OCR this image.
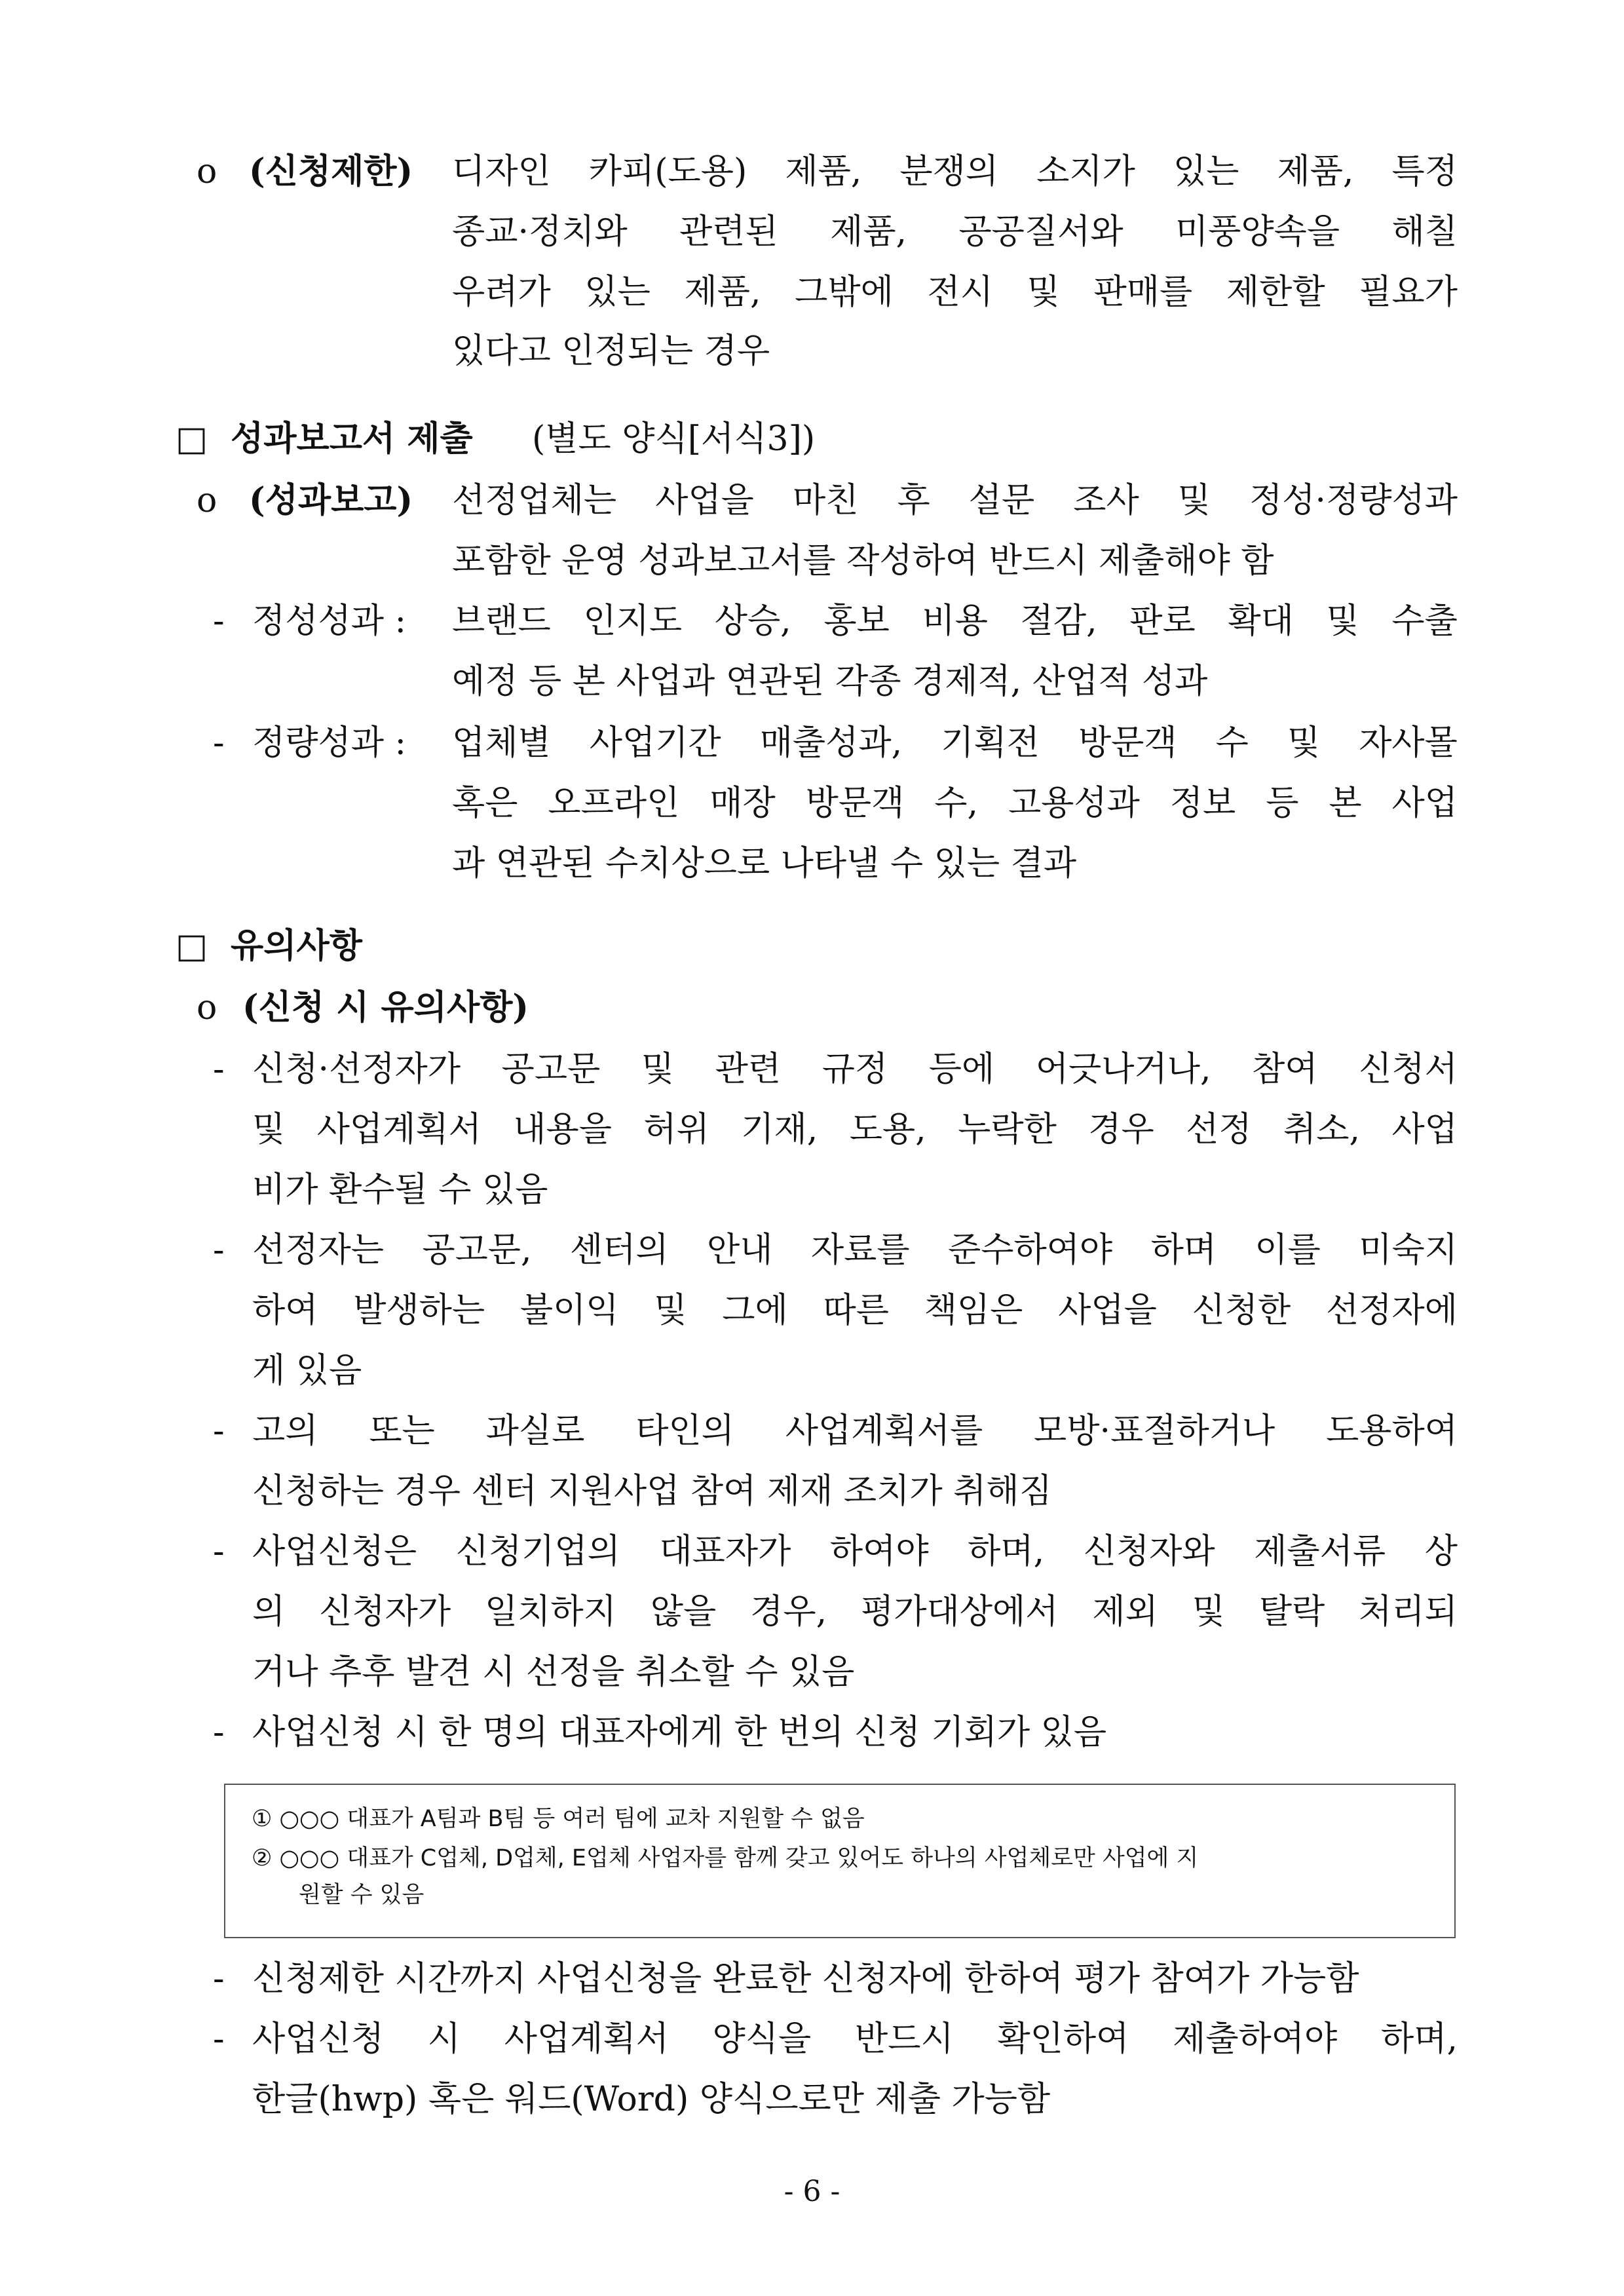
o (신청제한) 디자인 카피(도용) 제품, 분쟁의 소지가 있는 제품, 특정
종교·정치와 관련된 제품, 공공질서와 미풍양속을 해칠
우려가 있는 제품, 그밖에 전시 및 판매를 제한할 필요가
있다고 인정되는 경우
□ 성과보고서 제출 (별도 양식[서식3])
o (성과보고) 선정업체는 사업을 마친 후 설문 조사 및 정성·정량성과
포함한 운영 성과보고서를 작성하여 반드시 제출해야 함
- 정성성과 : 브랜드 인지도 상승, 홍보 비용 절감, 판로 확대 및 수출
예정 등 본 사업과 연관된 각종 경제적, 산업적 성과
- 정량성과 : 업체별 사업기간 매출성과, 기획전 방문객 수 및 자사몰
혹은 오프라인 매장 방문객 수, 고용성과 정보 등 본 사업
과 연관된 수치상으로 나타낼 수 있는 결과
□ 유의사항
o (신청 시 유의사항)
- 신청·선정자가 공고문 및 관련 규정 등에 어긋나거나, 참여 신청서
및 사업계획서 내용을 허위 기재, 도용, 누락한 경우 선정 취소, 사업
비가 환수될 수 있음
- 선정자는 공고문, 센터의 안내 자료를 준수하여야 하며 이를 미숙지
하여 발생하는 불이익 및 그에 따른 책임은 사업을 신청한 선정자에
게 있음
- 고의 또는 과실로 타인의 사업계획서를 모방·표절하거나 도용하여
신청하는 경우 센터 지원사업 참여 제재 조치가 취해짐
- 사업신청은 신청기업의 대표자가 하여야 하며, 신청자와 제출서류 상
의 신청자가 일치하지 않을 경우, 평가대상에서 제외 및 탈락 처리되
거나 추후 발견 시 선정을 취소할 수 있음
- 사업신청 시 한 명의 대표자에게 한 번의 신청 기회가 있음
① ○○○ 대표가 A팀과 B팀 등 여러 팀에 교차 지원할 수 없음
② ○○○ 대표가 C업체, D업체, E업체 사업자를 함께 갖고 있어도 하나의 사업체로만 사업에 지
원할 수 있음
- 신청제한 시간까지 사업신청을 완료한 신청자에 한하여 평가 참여가 가능함
- 사업신청 시 사업계획서 양식을 반드시 확인하여 제출하여야 하며,
한글(hwp) 혹은 워드(Word) 양식으로만 제출 가능함
- 6 -
